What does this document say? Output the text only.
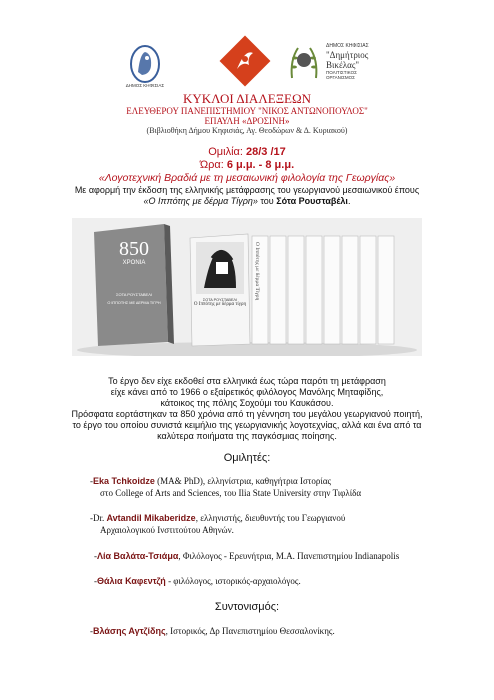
ΔΗΜΟΣ ΚΗΦΙΣΙΑΣ
ΔΗΜΟΣ ΚΗΦΙΣΙΑΣ
"Δημήτριος
Βικέλας"
ΠΟΛΙΤΙΣΤΙΚΟΣ
ΟΡΓΑΝΙΣΜΟΣ
ΚΥΚΛΟΙ ΔΙΑΛΕΞΕΩΝ
ΕΛΕΥΘΕΡΟΥ ΠΑΝΕΠΙΣΤΗΜΙΟΥ "ΝΙΚΟΣ ΑΝΤΩΝΟΠΟΥΛΟΣ"
ΕΠΑΥΛΗ «ΔΡΟΣΙΝΗ»
(Βιβλιοθήκη Δήμου Κηφισιάς, Αγ. Θεοδώρων & Δ. Κυριακού)
Ομιλία: 28/3 /17
Ώρα: 6 μ.μ. - 8 μ.μ.
«Λογοτεχνική Βραδιά με τη μεσαιωνική φιλολογία της Γεωργίας»
Με αφορμή την έκδοση της ελληνικής μετάφρασης του γεωργιανού μεσαιωνικού έπους
«Ο Ιππότης με δέρμα Τίγρη» του Σότα Ρουσταβέλι.
850
ΧΡΟΝΙΑ
ΣΟΤΑ ΡΟΥΣΤΑΒΕΛΙ
Ο ΙΠΠΟΤΗΣ ΜΕ ΔΕΡΜΑ ΤΙΓΡΗ
ΣΟΤΑ ΡΟΥΣΤΑΒΕΛΙ
Ο Ιππότης με δέρμα τίγρη
Ο Ιππότης με δέρμα Τίγρη
Το έργο δεν είχε εκδοθεί στα ελληνικά έως τώρα παρότι τη μετάφραση
είχε κάνει από το 1966 ο εξαίρετικός φιλόλογος Μανόλης Μηταφίδης,
κάτοικος της πόλης Σοχούμι του Καυκάσου.
Πρόσφατα εορτάστηκαν τα 850 χρόνια από τη γέννηση του μεγάλου γεωργιανού ποιητή,
το έργο του οποίου συνιστά κειμήλιο της γεωργιανικής λογοτεχνίας, αλλά και ένα από τα
καλύτερα ποιήματα της παγκόσμιας ποίησης.
Ομιλητές:
-Eka Tchkoidze (MA& PhD), ελληνίστρια, καθηγήτρια Ιστορίας
στο College of Arts and Sciences, του Ilia State University στην Τιφλίδα
-Dr. Avtandil Mikaberidze, ελληνιστής, διευθυντής του Γεωργιανού
Αρχαιολογικού Ινστιτούτου Αθηνών.
-Λία Βαλάτα-Τσιάμα, Φιλόλογος - Ερευνήτρια, M.A. Πανεπιστημίου Indianapolis
-Θάλια Καφεντζή - φιλόλογος, ιστορικός-αρχαιολόγος.
Συντονισμός:
-Βλάσης Αγτζίδης, Ιστορικός, Δρ Πανεπιστημίου Θεσσαλονίκης.
